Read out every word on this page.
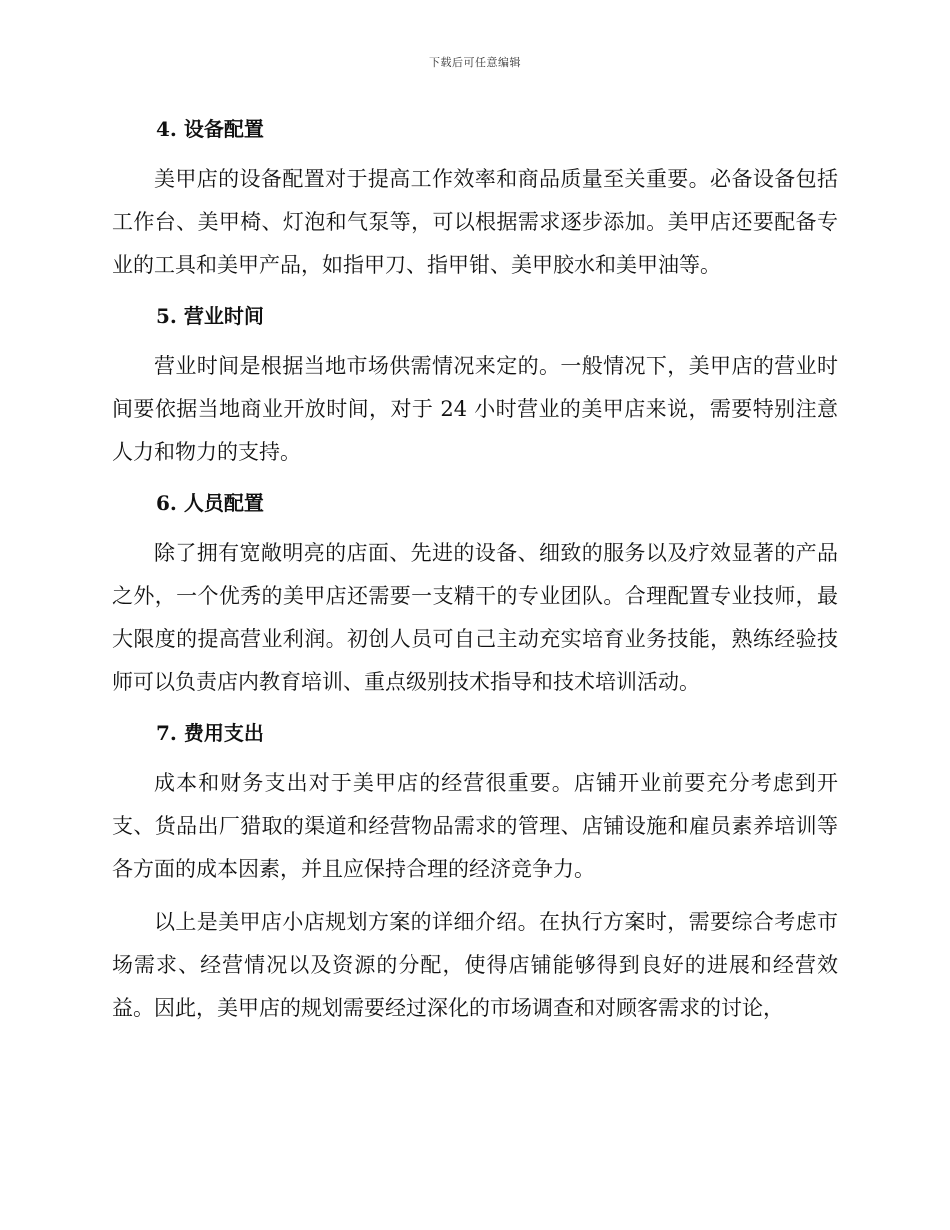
下载后可任意编辑
4. 设备配置

美甲店的设备配置对于提高工作效率和商品质量至关重要。必备设备包括工作台、美甲椅、灯泡和气泵等，可以根据需求逐步添加。美甲店还要配备专业的工具和美甲产品，如指甲刀、指甲钳、美甲胶水和美甲油等。

5. 营业时间

营业时间是根据当地市场供需情况来定的。一般情况下，美甲店的营业时间要依据当地商业开放时间，对于 24 小时营业的美甲店来说，需要特别注意人力和物力的支持。

6. 人员配置

除了拥有宽敞明亮的店面、先进的设备、细致的服务以及疗效显著的产品之外，一个优秀的美甲店还需要一支精干的专业团队。合理配置专业技师，最大限度的提高营业利润。初创人员可自己主动充实培育业务技能，熟练经验技师可以负责店内教育培训、重点级别技术指导和技术培训活动。

7. 费用支出

成本和财务支出对于美甲店的经营很重要。店铺开业前要充分考虑到开支、货品出厂猎取的渠道和经营物品需求的管理、店铺设施和雇员素养培训等各方面的成本因素，并且应保持合理的经济竞争力。

以上是美甲店小店规划方案的详细介绍。在执行方案时，需要综合考虑市场需求、经营情况以及资源的分配，使得店铺能够得到良好的进展和经营效益。因此，美甲店的规划需要经过深化的市场调查和对顾客需求的讨论，
